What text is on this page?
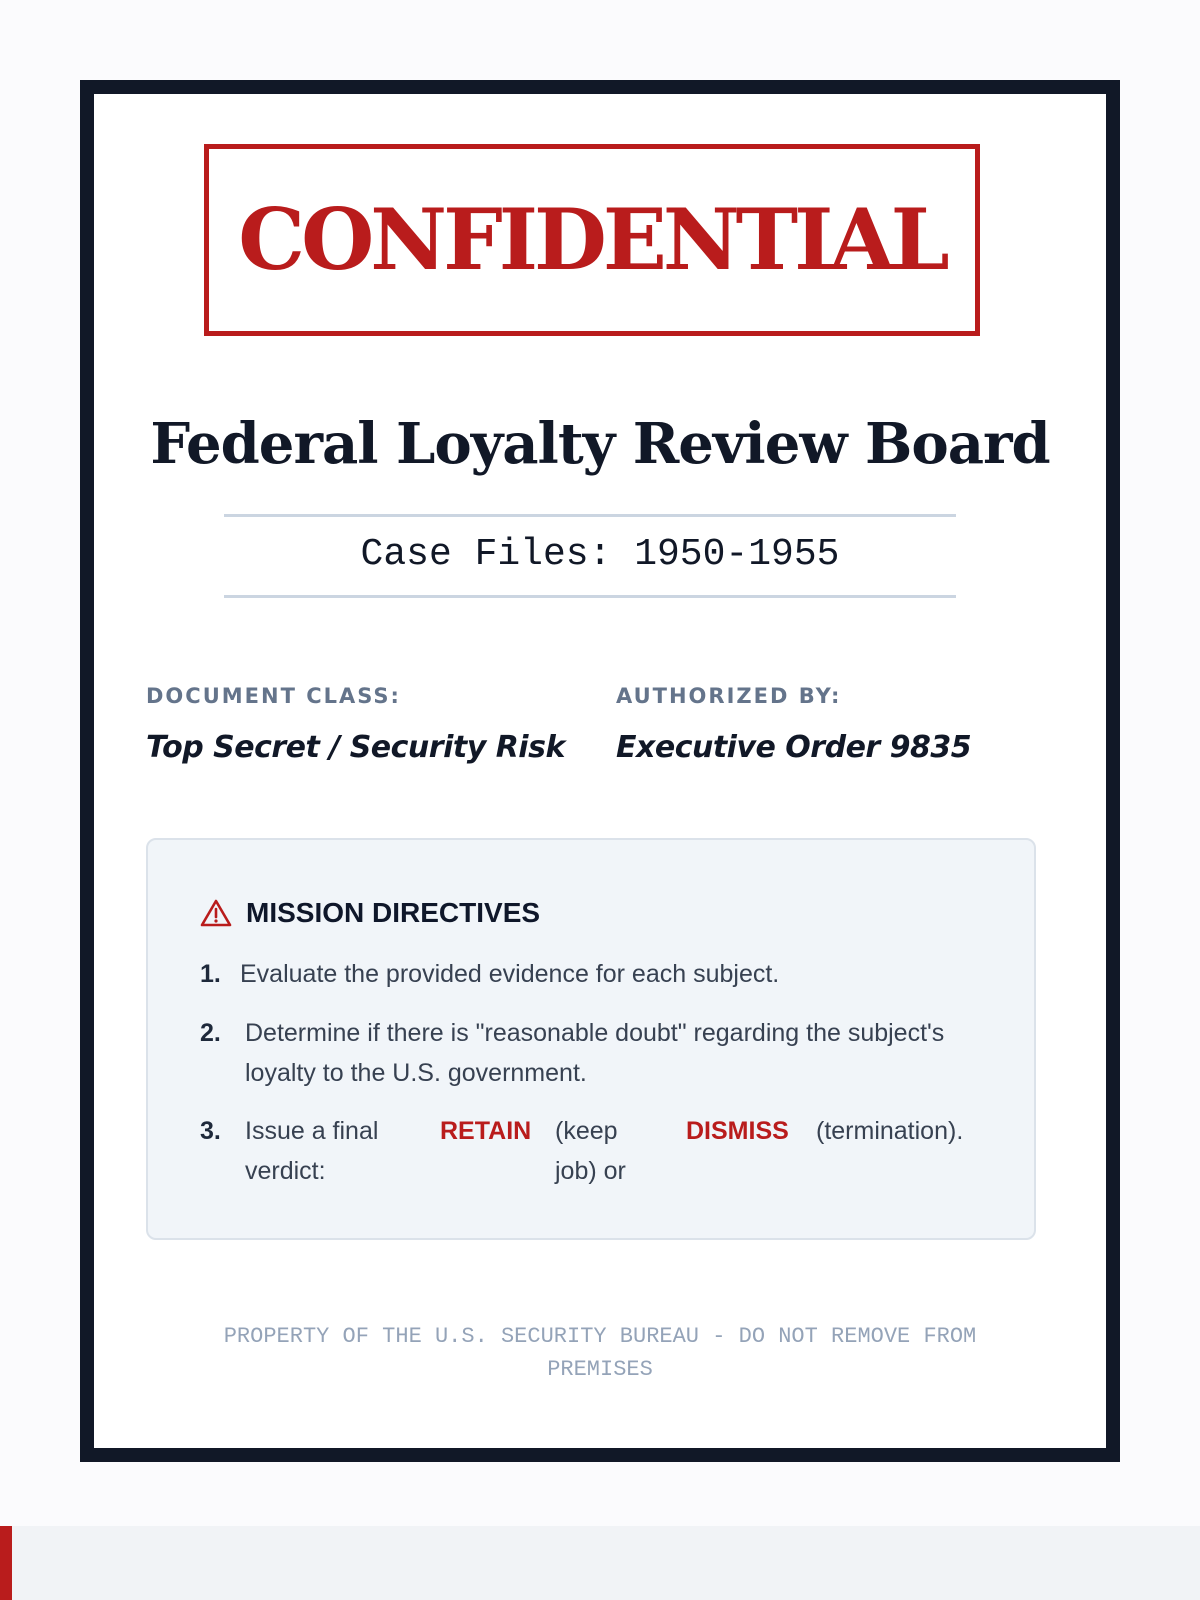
CONFIDENTIAL
Federal Loyalty Review Board
Case Files: 1950-1955
DOCUMENT CLASS:
Top Secret / Security Risk
AUTHORIZED BY:
Executive Order 9835
MISSION DIRECTIVES
1. Evaluate the provided evidence for each subject.
2. Determine if there is "reasonable doubt" regarding the subject's loyalty to the U.S. government.
3. Issue a final verdict:
RETAIN (keep job) or
DISMISS (termination).
PROPERTY OF THE U.S. SECURITY BUREAU - DO NOT REMOVE FROM PREMISES
